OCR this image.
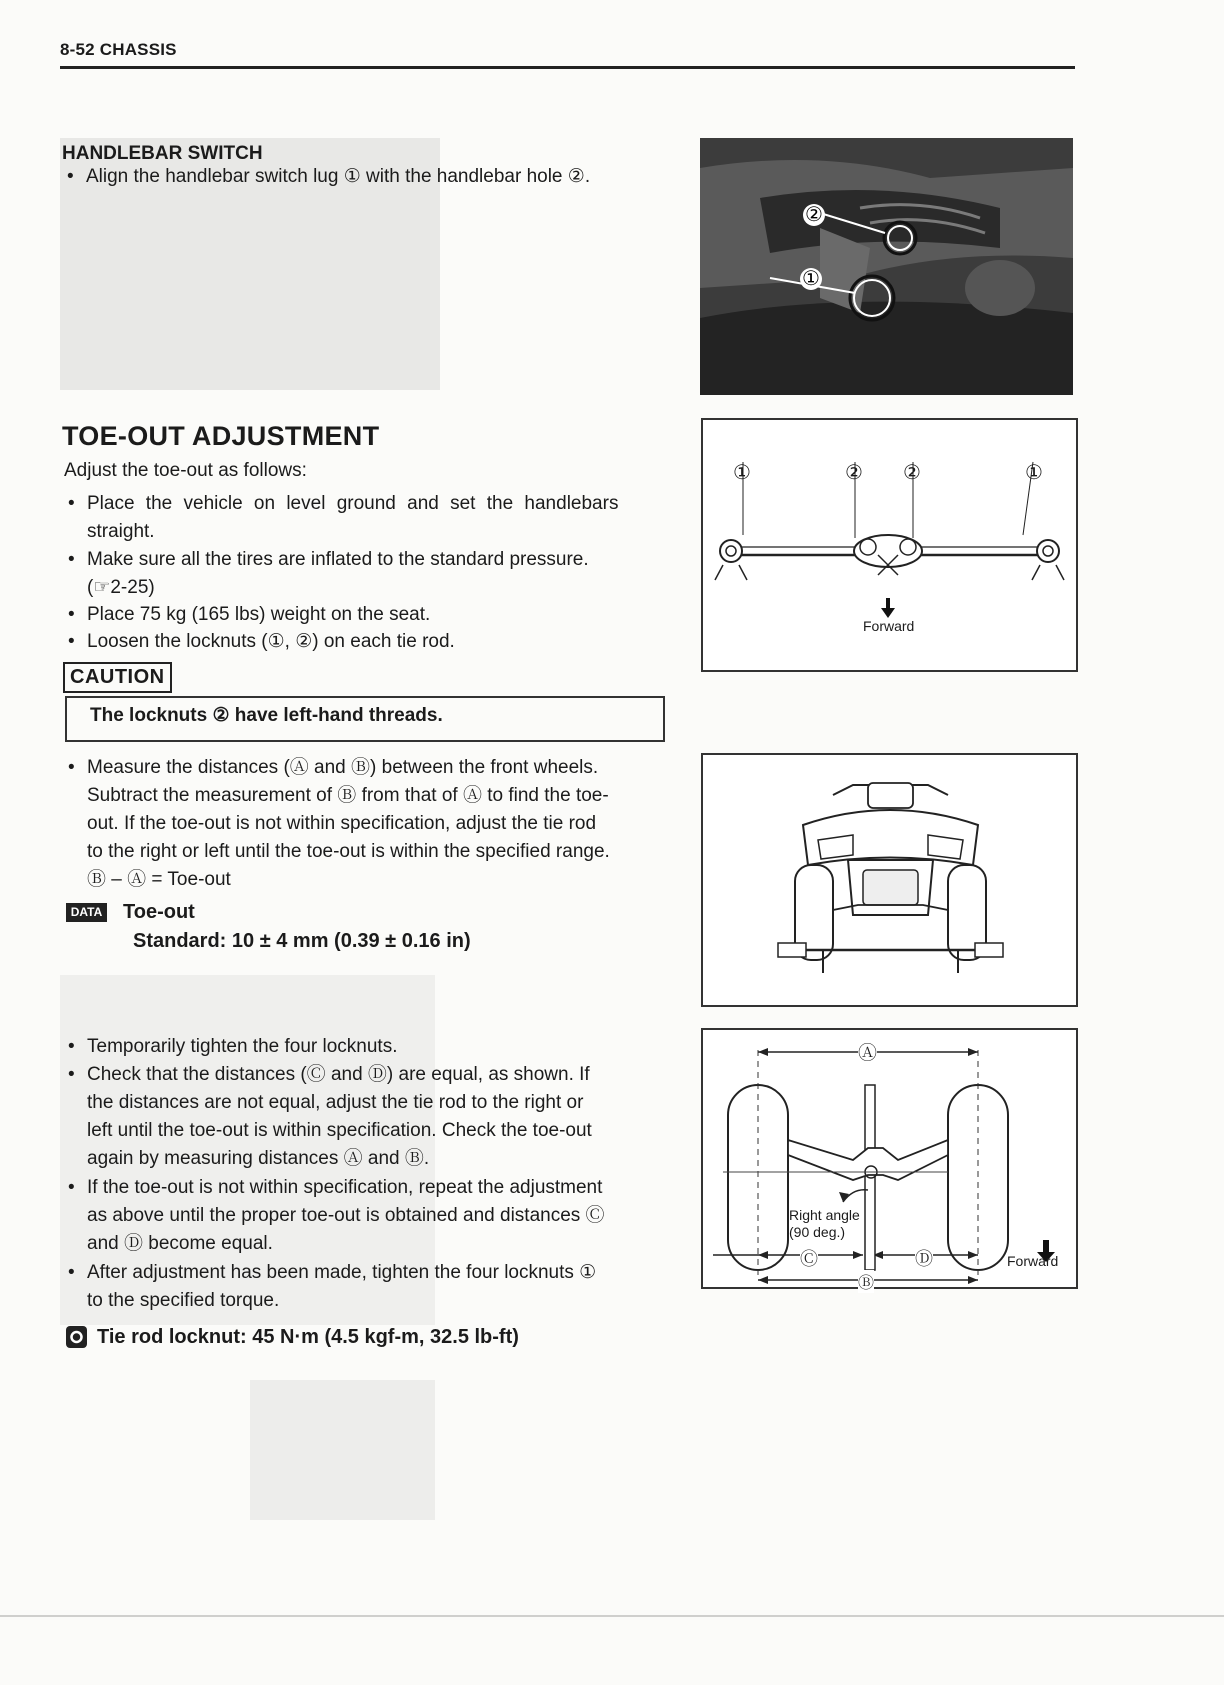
8-52 CHASSIS
HANDLEBAR SWITCH
• Align the handlebar switch lug ① with the handlebar hole ②.
②
①
TOE-OUT ADJUSTMENT
Adjust the toe-out as follows:
• Place the vehicle on level ground and set the handlebars
straight.
• Make sure all the tires are inflated to the standard pressure.
(☞2-25)
• Place 75 kg (165 lbs) weight on the seat.
• Loosen the locknuts (①, ②) on each tie rod.
CAUTION
The locknuts ② have left-hand threads.
• Measure the distances (Ⓐ and Ⓑ) between the front wheels.
Subtract the measurement of Ⓑ from that of Ⓐ to find the toe-
out. If the toe-out is not within specification, adjust the tie rod
to the right or left until the toe-out is within the specified range.
Ⓑ – Ⓐ = Toe-out
DATA Toe-out
Standard: 10 ± 4 mm (0.39 ± 0.16 in)
• Temporarily tighten the four locknuts.
• Check that the distances (Ⓒ and Ⓓ) are equal, as shown. If
the distances are not equal, adjust the tie rod to the right or
left until the toe-out is within specification. Check the toe-out
again by measuring distances Ⓐ and Ⓑ.
• If the toe-out is not within specification, repeat the adjustment
as above until the proper toe-out is obtained and distances Ⓒ
and Ⓓ become equal.
• After adjustment has been made, tighten the four locknuts ①
to the specified torque.
Tie rod locknut: 45 N·m (4.5 kgf-m, 32.5 lb-ft)
①	② ②	①
Forward
Ⓐ
Ⓑ
Ⓒ	Ⓓ
Right angle
(90 deg.)
Forward
